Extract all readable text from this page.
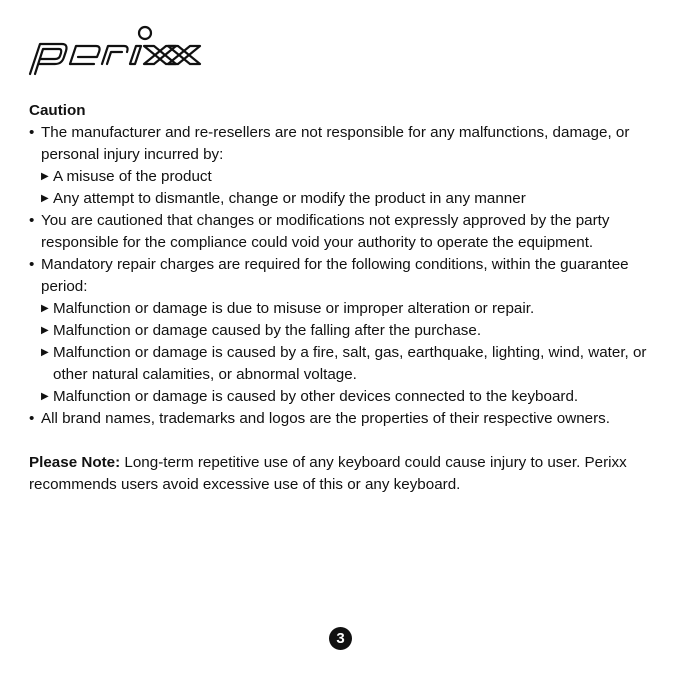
Caution

• The manufacturer and re-resellers are not responsible for any malfunctions, damage, or personal injury incurred by:
▶ A misuse of the product
▶ Any attempt to dismantle, change or modify the product in any manner
• You are cautioned that changes or modifications not expressly approved by the party responsible for the compliance could void your authority to operate the equipment.
• Mandatory repair charges are required for the following conditions, within the guarantee period:
▶ Malfunction or damage is due to misuse or improper alteration or repair.
▶ Malfunction or damage caused by the falling after the purchase.
▶ Malfunction or damage is caused by a fire, salt, gas, earthquake, lighting, wind, water, or other natural calamities, or abnormal voltage.
▶ Malfunction or damage is caused by other devices connected to the keyboard.
• All brand names, trademarks and logos are the properties of their respective owners.
Please Note: Long-term repetitive use of any keyboard could cause injury to user. Perixx recommends users avoid excessive use of this or any keyboard.
3
